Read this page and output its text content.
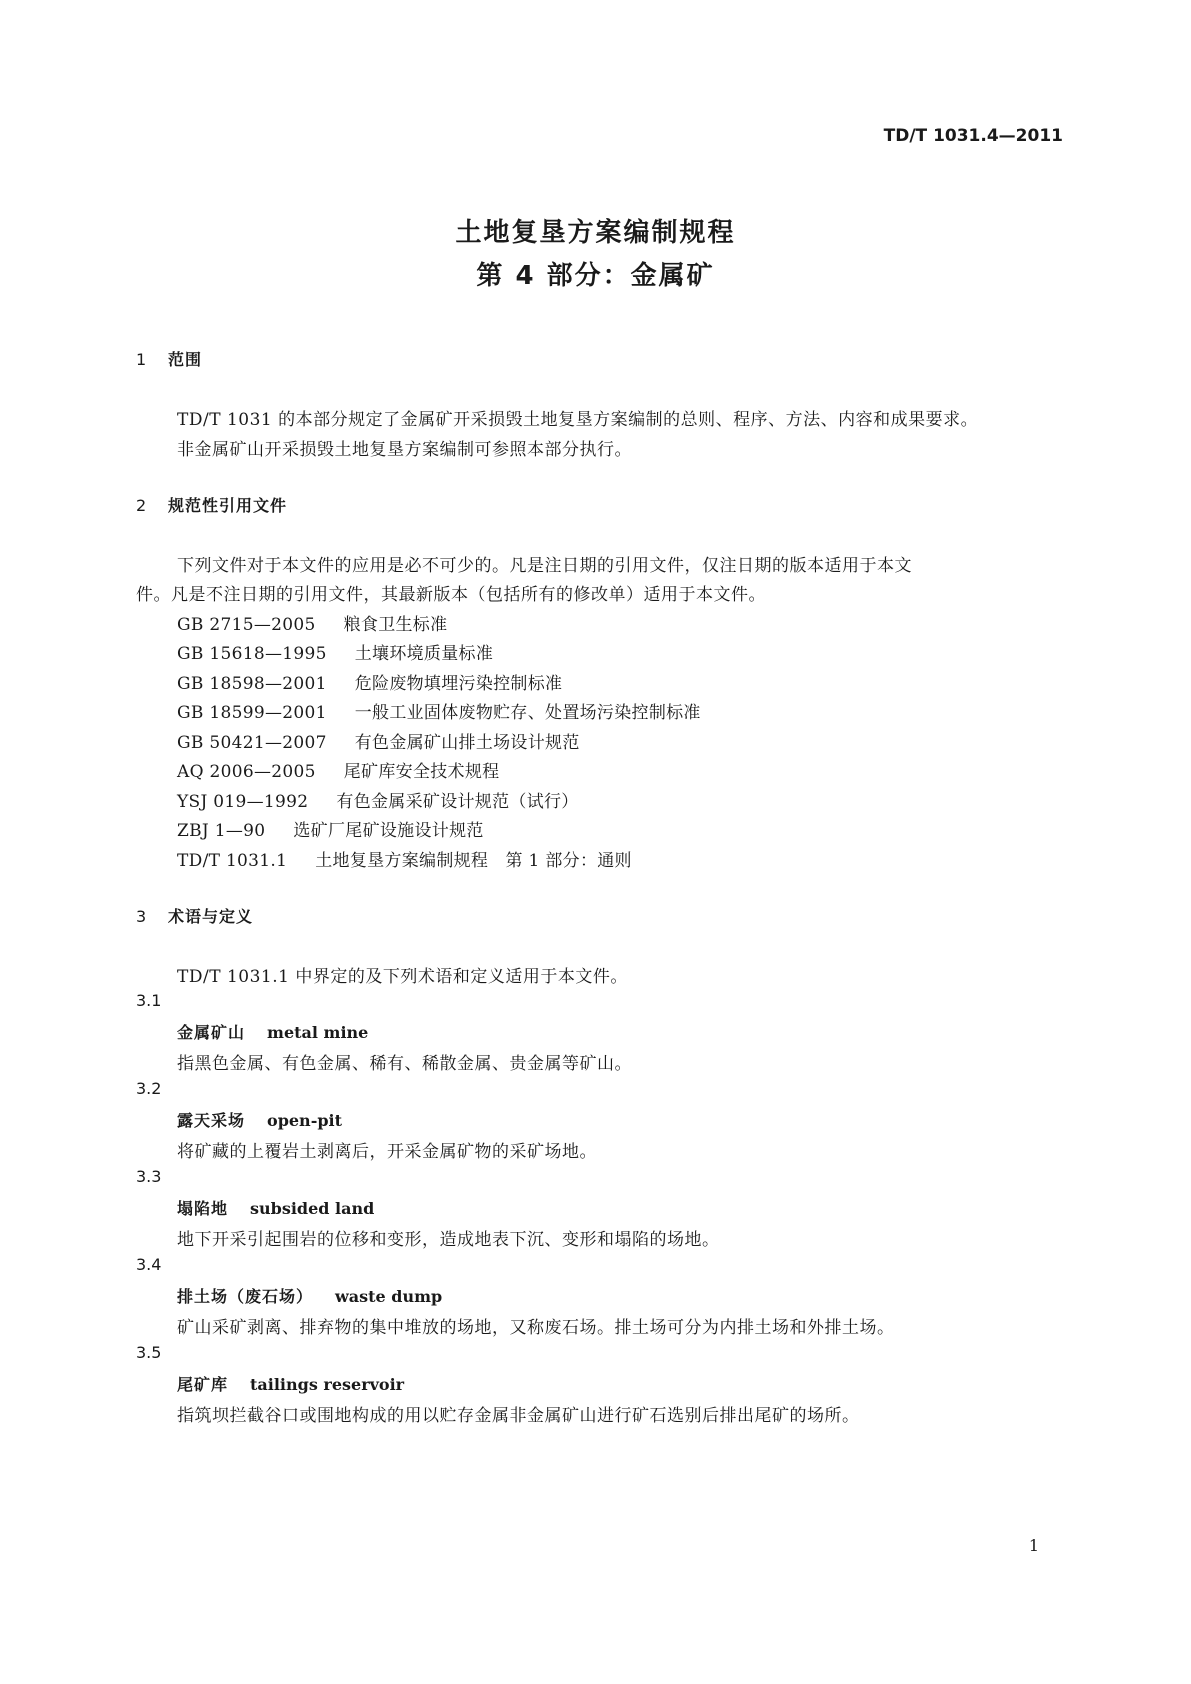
TD/T 1031.4—2011
土地复垦方案编制规程
第 4 部分：金属矿
1 范围
TD/T 1031 的本部分规定了金属矿开采损毁土地复垦方案编制的总则、程序、方法、内容和成果要求。
非金属矿山开采损毁土地复垦方案编制可参照本部分执行。
2 规范性引用文件
下列文件对于本文件的应用是必不可少的。凡是注日期的引用文件，仅注日期的版本适用于本文
件。凡是不注日期的引用文件，其最新版本（包括所有的修改单）适用于本文件。
GB 2715—2005 粮食卫生标准
GB 15618—1995 土壤环境质量标准
GB 18598—2001 危险废物填埋污染控制标准
GB 18599—2001 一般工业固体废物贮存、处置场污染控制标准
GB 50421—2007 有色金属矿山排土场设计规范
AQ 2006—2005 尾矿库安全技术规程
YSJ 019—1992 有色金属采矿设计规范（试行）
ZBJ 1—90 选矿厂尾矿设施设计规范
TD/T 1031.1 土地复垦方案编制规程　第 1 部分：通则
3 术语与定义
TD/T 1031.1 中界定的及下列术语和定义适用于本文件。
3.1
金属矿山 metal mine
指黑色金属、有色金属、稀有、稀散金属、贵金属等矿山。
3.2
露天采场 open-pit
将矿藏的上覆岩土剥离后，开采金属矿物的采矿场地。
3.3
塌陷地 subsided land
地下开采引起围岩的位移和变形，造成地表下沉、变形和塌陷的场地。
3.4
排土场（废石场） waste dump
矿山采矿剥离、排弃物的集中堆放的场地，又称废石场。排土场可分为内排土场和外排土场。
3.5
尾矿库 tailings reservoir
指筑坝拦截谷口或围地构成的用以贮存金属非金属矿山进行矿石选别后排出尾矿的场所。
1
